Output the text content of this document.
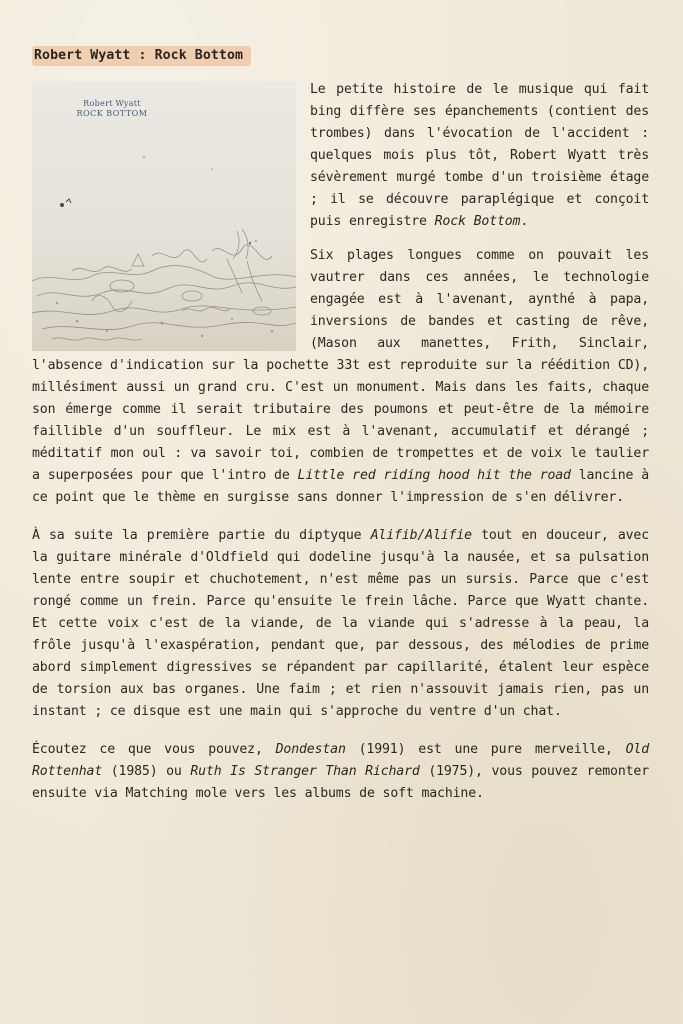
Robert Wyatt : Rock Bottom
Robert Wyatt
ROCK BOTTOM

Le petite histoire de le musique qui fait bing diffère ses épanchements (contient des trombes) dans l'évocation de l'accident : quelques mois plus tôt, Robert Wyatt très sévèrement murgé tombe d'un troisième étage ; il se découvre paraplégique et conçoit puis enregistre Rock Bottom.

Six plages longues comme on pouvait les vautrer dans ces années, le technologie engagée est à l'avenant, aynthé à papa, inversions de bandes et casting de rêve, (Mason aux manettes, Frith, Sinclair, l'absence d'indication sur la pochette 33t est reproduite sur la réédition CD), millésiment aussi un grand cru. C'est un monument. Mais dans les faits, chaque son émerge comme il serait tributaire des poumons et peut-être de la mémoire faillible d'un souffleur. Le mix est à l'avenant, accumulatif et dérangé ; méditatif mon oul : va savoir toi, combien de trompettes et de voix le taulier a superposées pour que l'intro de Little red riding hood hit the road lancine à ce point que le thème en surgisse sans donner l'impression de s'en délivrer.

À sa suite la première partie du diptyque Alifib/Alifie tout en douceur, avec la guitare minérale d'Oldfield qui dodeline jusqu'à la nausée, et sa pulsation lente entre soupir et chuchotement, n'est même pas un sursis. Parce que c'est rongé comme un frein. Parce qu'ensuite le frein lâche. Parce que Wyatt chante. Et cette voix c'est de la viande, de la viande qui s'adresse à la peau, la frôle jusqu'à l'exaspération, pendant que, par dessous, des mélodies de prime abord simplement digressives se répandent par capillarité, étalent leur espèce de torsion aux bas organes. Une faim ; et rien n'assouvit jamais rien, pas un instant ; ce disque est une main qui s'approche du ventre d'un chat.

Écoutez ce que vous pouvez, Dondestan (1991) est une pure merveille, Old Rottenhat (1985) ou Ruth Is Stranger Than Richard (1975), vous pouvez remonter ensuite via Matching mole vers les albums de soft machine.
